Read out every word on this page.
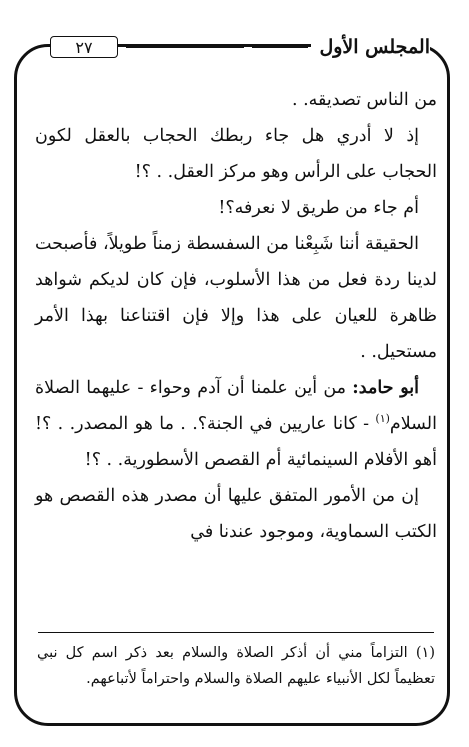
٢٧	المجلس الأول

من الناس تصديقه. .

إذ لا أدري هل جاء ربطك الحجاب بالعقل لكون الحجاب على الرأس وهو مركز العقل. . ؟!

أم جاء من طريق لا نعرفه؟!

الحقيقة أننا شَبِعْنا من السفسطة زمناً طويلاً، فأصبحت لدينا ردة فعل من هذا الأسلوب، فإن كان لديكم شواهد ظاهرة للعيان على هذا وإلا فإن اقتناعنا بهذا الأمر مستحيل. .

أبو حامد: من أين علمنا أن آدم وحواء - عليهما الصلاة السلام$^{(١)}$ - كانا عاريين في الجنة؟. . ما هو المصدر. . ؟! أهو الأفلام السينمائية أم القصص الأسطورية. . ؟!

إن من الأمور المتفق عليها أن مصدر هذه القصص هو الكتب السماوية، وموجود عندنا في

(١) التزاماً مني أن أذكر الصلاة والسلام بعد ذكر اسم كل نبي تعظيماً لكل الأنبياء عليهم الصلاة والسلام واحتراماً لأتباعهم.
